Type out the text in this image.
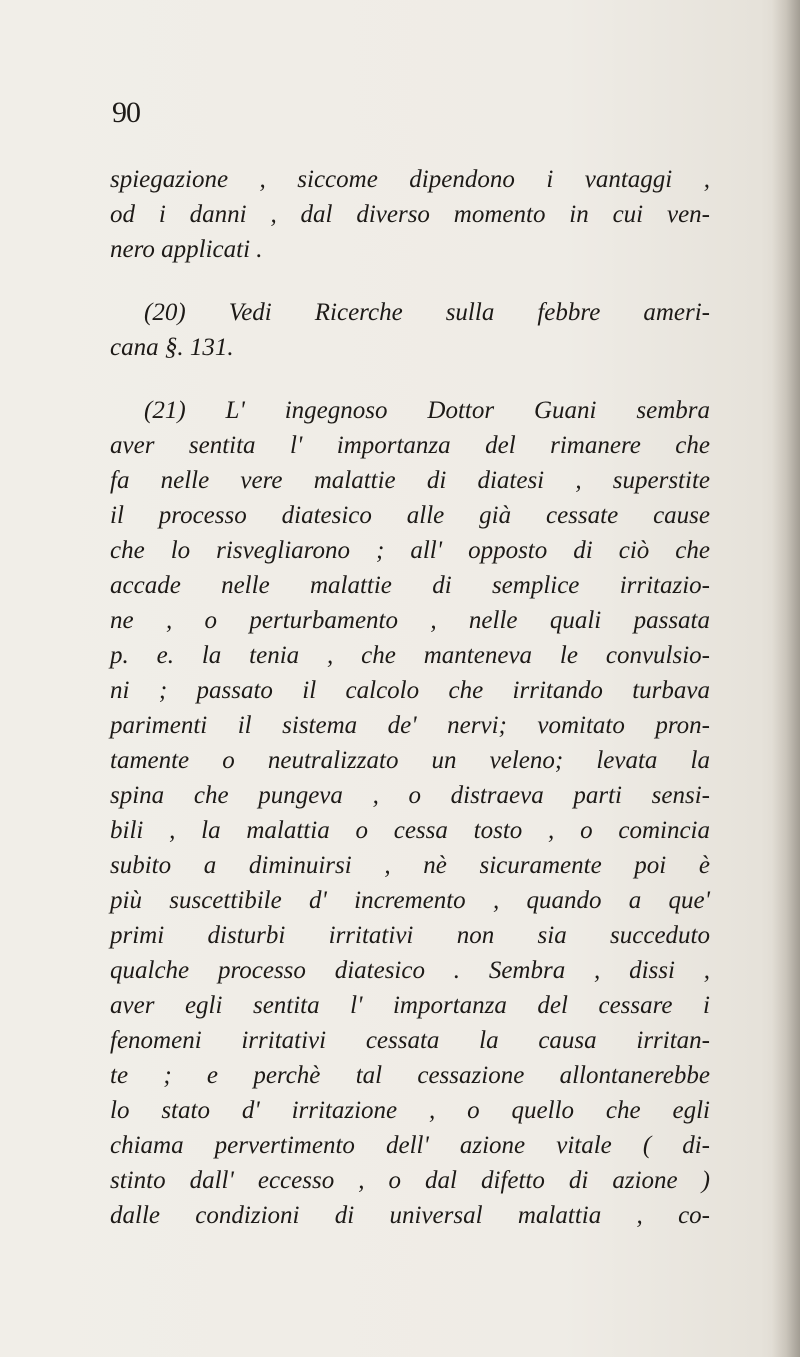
90
spiegazione , siccome dipendono i vantaggi ,
od i danni , dal diverso momento in cui ven-
nero applicati .
(20) Vedi Ricerche sulla febbre ameri-
cana §. 131.
(21) L' ingegnoso Dottor Guani sembra
aver sentita l' importanza del rimanere che
fa nelle vere malattie di diatesi , superstite
il processo diatesico alle già cessate cause
che lo risvegliarono ; all' opposto di ciò che
accade nelle malattie di semplice irritazio-
ne , o perturbamento , nelle quali passata
p. e. la tenia , che manteneva le convulsio-
ni ; passato il calcolo che irritando turbava
parimenti il sistema de' nervi; vomitato pron-
tamente o neutralizzato un veleno; levata la
spina che pungeva , o distraeva parti sensi-
bili , la malattia o cessa tosto , o comincia
subito a diminuirsi , nè sicuramente poi è
più suscettibile d' incremento , quando a que'
primi disturbi irritativi non sia succeduto
qualche processo diatesico . Sembra , dissi ,
aver egli sentita l' importanza del cessare i
fenomeni irritativi cessata la causa irritan-
te ; e perchè tal cessazione allontanerebbe
lo stato d' irritazione , o quello che egli
chiama pervertimento dell' azione vitale ( di-
stinto dall' eccesso , o dal difetto di azione )
dalle condizioni di universal malattia , co-
